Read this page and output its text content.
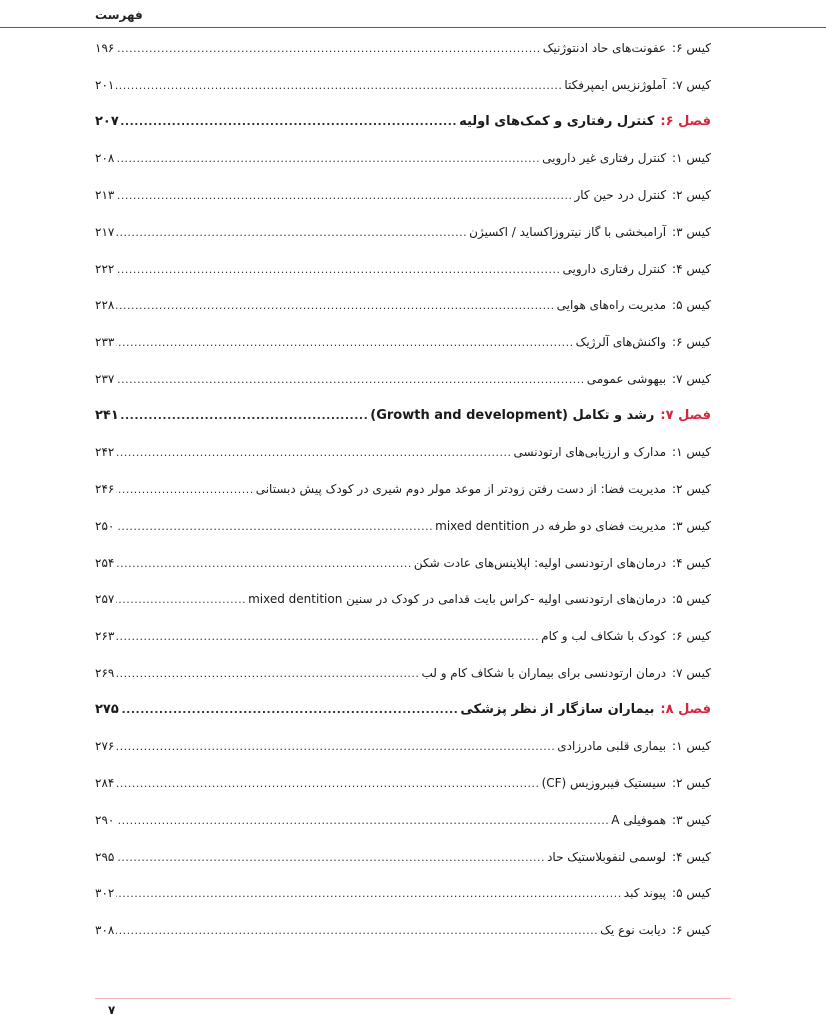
فهرست
کیس ۶:
عفونت‌های حاد ادنتوژنیک
.....
۱۹۶
کیس ۷:
آملوژنزیس ایمپرفکتا
.....
۲۰۱
فصل ۶:
کنترل رفتاری و کمک‌های اولیه
.....
۲۰۷
کیس ۱:
کنترل رفتاری غیر دارویی
.....
۲۰۸
کیس ۲:
کنترل درد حین کار
.....
۲۱۳
کیس ۳:
آرامبخشی با گاز نیتروزاکساید / اکسیژن
.....
۲۱۷
کیس ۴:
کنترل رفتاری دارویی
.....
۲۲۲
کیس ۵:
مدیریت راه‌های هوایی
.....
۲۲۸
کیس ۶:
واکنش‌های آلرژیک
.....
۲۳۳
کیس ۷:
بیهوشی عمومی
.....
۲۳۷
فصل ۷:
رشد و تکامل (Growth and development)
.....
۲۴۱
کیس ۱:
مدارک و ارزیابی‌های ارتودنسی
.....
۲۴۲
کیس ۲:
مدیریت فضا: از دست رفتن زودتر از موعد مولر دوم شیری در کودک پیش دبستانی
.....
۲۴۶
کیس ۳:
مدیریت فضای دو طرفه در mixed dentition
.....
۲۵۰
کیس ۴:
درمان‌های ارتودنسی اولیه: اپلاینس‌های عادت شکن
.....
۲۵۴
کیس ۵:
درمان‌های ارتودنسی اولیه -کراس بایت قدامی در کودک در سنین mixed dentition
.....
۲۵۷
کیس ۶:
کودک با شکاف لب و کام
.....
۲۶۳
کیس ۷:
درمان ارتودنسی برای بیماران با شکاف کام و لب
.....
۲۶۹
فصل ۸:
بیماران سازگار از نظر پزشکی
.....
۲۷۵
کیس ۱:
بیماری قلبی مادرزادی
.....
۲۷۶
کیس ۲:
سیستیک فیبروزیس (CF)
.....
۲۸۴
کیس ۳:
هموفیلی A
.....
۲۹۰
کیس ۴:
لوسمی لنفوبلاستیک حاد
.....
۲۹۵
کیس ۵:
پیوند کبد
.....
۳۰۲
کیس ۶:
دیابت نوع یک
.....
۳۰۸
۷
